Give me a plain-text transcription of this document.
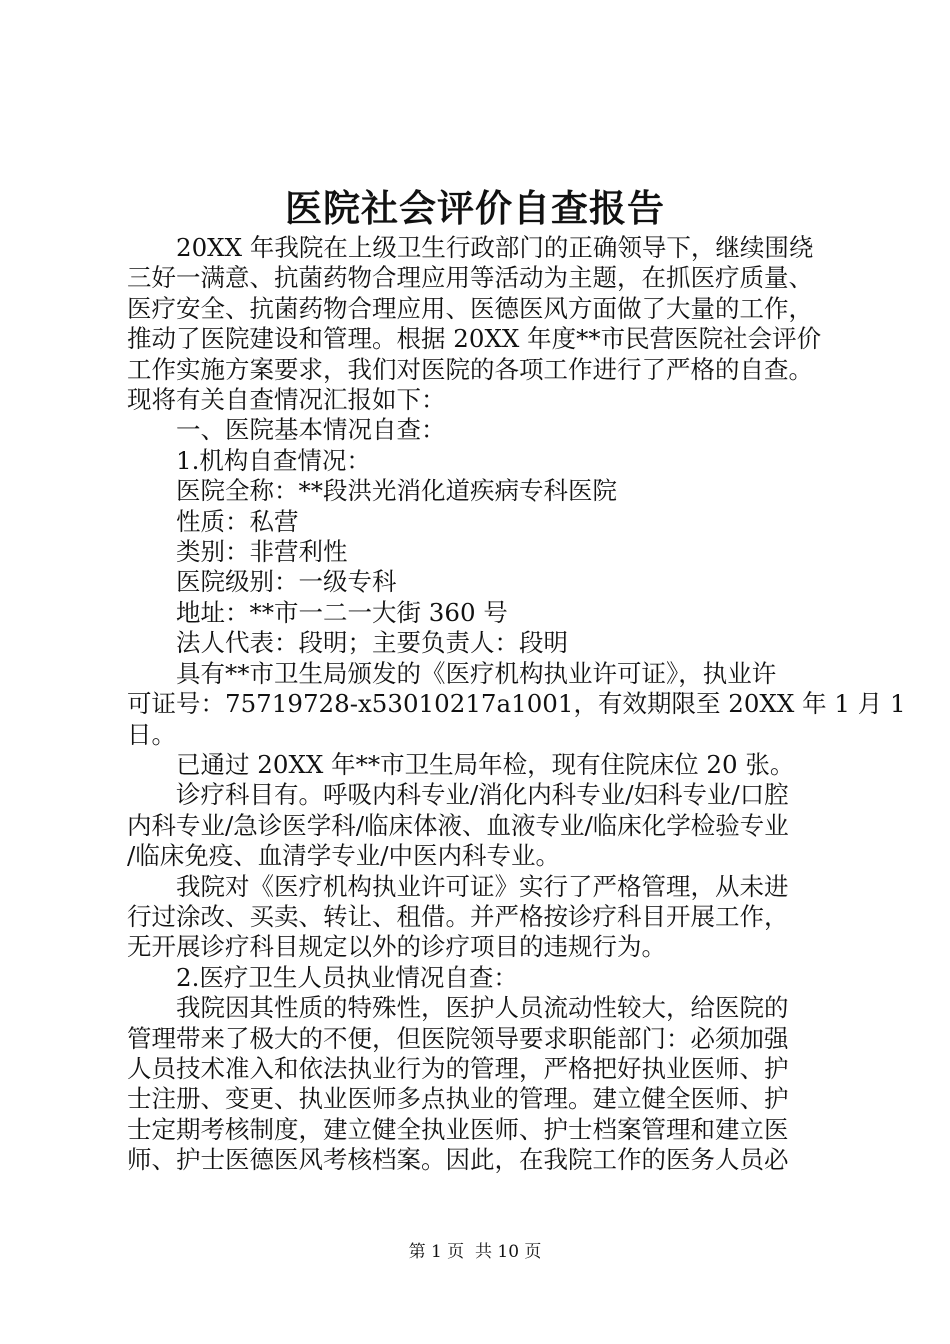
医院社会评价自查报告

20XX 年我院在上级卫生行政部门的正确领导下，继续围绕
三好一满意、抗菌药物合理应用等活动为主题，在抓医疗质量、
医疗安全、抗菌药物合理应用、医德医风方面做了大量的工作，
推动了医院建设和管理。根据 20XX 年度**市民营医院社会评价
工作实施方案要求，我们对医院的各项工作进行了严格的自查。
现将有关自查情况汇报如下：

一、医院基本情况自查：

1.机构自查情况：

医院全称：**段洪光消化道疾病专科医院

性质：私营

类别：非营利性

医院级别：一级专科

地址：**市一二一大街 360 号

法人代表：段明；主要负责人：段明

具有**市卫生局颁发的《医疗机构执业许可证》，执业许
可证号：75719728-x53010217a1001，有效期限至 20XX 年 1 月 1
日。

已通过 20XX 年**市卫生局年检，现有住院床位 20 张。

诊疗科目有。呼吸内科专业/消化内科专业/妇科专业/口腔
内科专业/急诊医学科/临床体液、血液专业/临床化学检验专业
/临床免疫、血清学专业/中医内科专业。

我院对《医疗机构执业许可证》实行了严格管理，从未进
行过涂改、买卖、转让、租借。并严格按诊疗科目开展工作，
无开展诊疗科目规定以外的诊疗项目的违规行为。

2.医疗卫生人员执业情况自查：

我院因其性质的特殊性，医护人员流动性较大，给医院的
管理带来了极大的不便，但医院领导要求职能部门：必须加强
人员技术准入和依法执业行为的管理，严格把好执业医师、护
士注册、变更、执业医师多点执业的管理。建立健全医师、护
士定期考核制度，建立健全执业医师、护士档案管理和建立医
师、护士医德医风考核档案。因此，在我院工作的医务人员必

第 1 页  共 10 页
